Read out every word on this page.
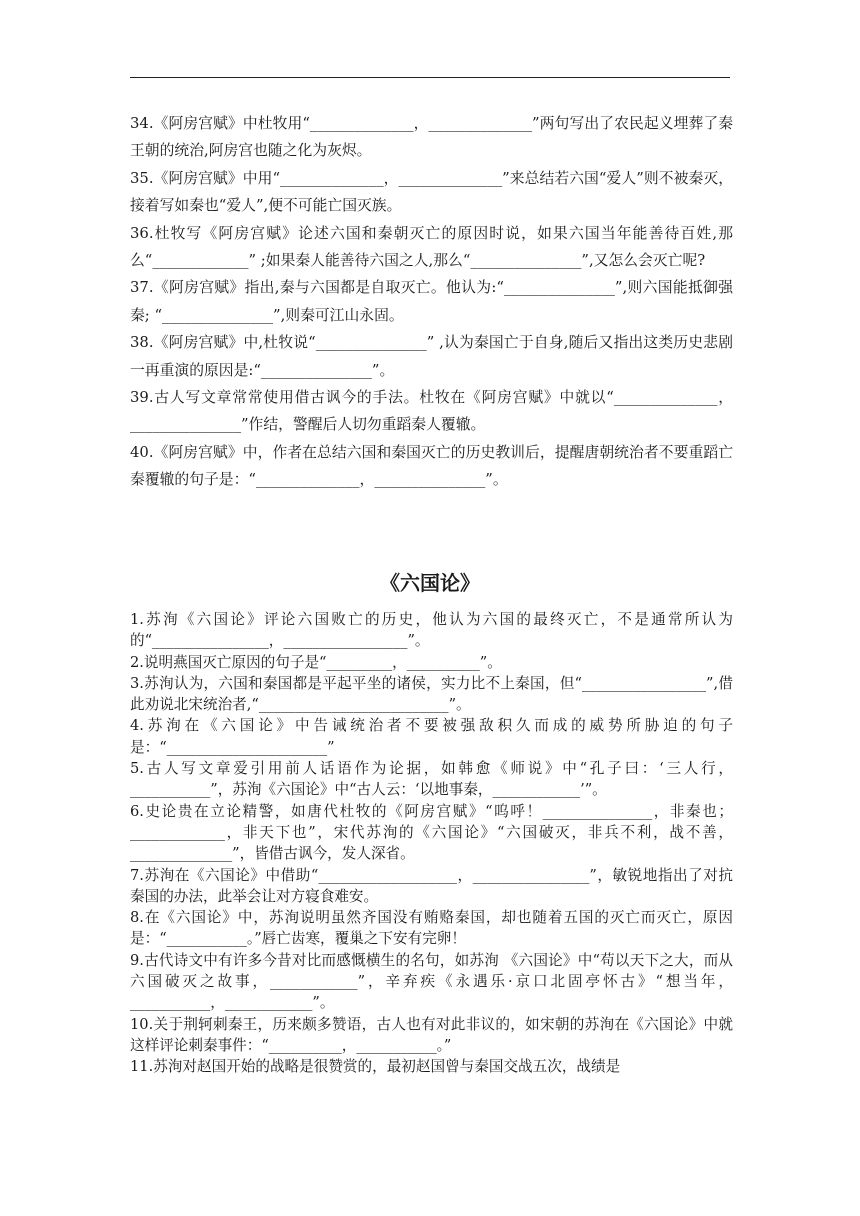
34.《阿房宫赋》中杜牧用“______________，______________”两句写出了农民起义埋葬了秦王朝的统治,阿房宫也随之化为灰烬。

35.《阿房宫赋》中用“______________，______________”来总结若六国“爱人”则不被秦灭，接着写如秦也“爱人”,便不可能亡国灭族。

36.杜牧写《阿房宫赋》论述六国和秦朝灭亡的原因时说，如果六国当年能善待百姓,那么“_____________” ;如果秦人能善待六国之人,那么“_______________”,又怎么会灭亡呢?

37.《阿房宫赋》指出,秦与六国都是自取灭亡。他认为:“_______________”,则六国能抵御强秦; “_______________”,则秦可江山永固。

38.《阿房宫赋》中,杜牧说“_______________” ,认为秦国亡于自身,随后又指出这类历史悲剧一再重演的原因是:“_______________”。

39.古人写文章常常使用借古讽今的手法。杜牧在《阿房宫赋》中就以“______________，_______________”作结，警醒后人切勿重蹈秦人覆辙。

40.《阿房宫赋》中，作者在总结六国和秦国灭亡的历史教训后，提醒唐朝统治者不要重蹈亡秦覆辙的句子是：“______________，_______________”。

《六国论》

1.苏洵《六国论》评论六国败亡的历史，他认为六国的最终灭亡，不是通常所认为的“________________，_________________”。

2.说明燕国灭亡原因的句子是“_________，__________”。

3.苏洵认为，六国和秦国都是平起平坐的诸侯，实力比不上秦国，但“_________________”,借此劝说北宋统治者,“__________________________”。

4.苏洵在《六国论》中告诫统治者不要被强敌积久而成的威势所胁迫的句子是：“______________________”

5.古人写文章爱引用前人话语作为论据，如韩愈《师说》中“孔子曰：‘三人行，___________”，苏洵《六国论》中“古人云：‘以地事秦，____________’”。

6.史论贵在立论精警，如唐代杜牧的《阿房宫赋》“呜呼！_______________，非秦也；_____________，非天下也”，宋代苏洵的《六国论》“六国破灭，非兵不利，战不善，______________”，皆借古讽今，发人深省。

7.苏洵在《六国论》中借助“___________________，________________”，敏锐地指出了对抗秦国的办法，此举会让对方寝食难安。

8.在《六国论》中，苏洵说明虽然齐国没有贿赂秦国，却也随着五国的灭亡而灭亡，原因是：“___________。”唇亡齿寒，覆巢之下安有完卵！

9.古代诗文中有许多今昔对比而感慨横生的名句，如苏洵 《六国论》中“苟以天下之大，而从六国破灭之故事，____________”，辛弃疾《永遇乐·京口北固亭怀古》“想当年，___________，____________”。

10.关于荆轲刺秦王，历来颇多赞语，古人也有对此非议的，如宋朝的苏洵在《六国论》中就这样评论刺秦事件：“__________，___________。”

11.苏洵对赵国开始的战略是很赞赏的，最初赵国曾与秦国交战五次，战绩是
